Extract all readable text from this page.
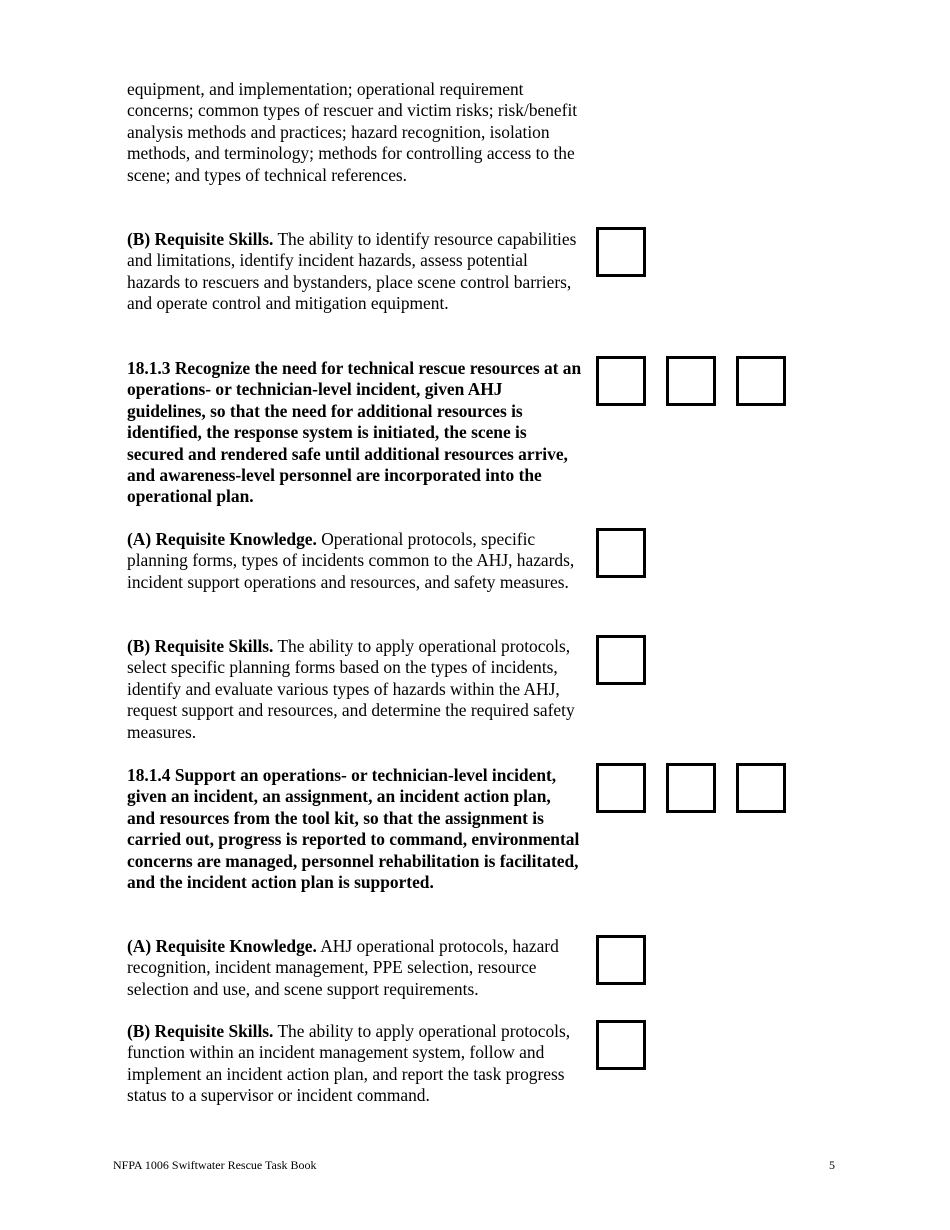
equipment, and implementation; operational requirement concerns; common types of rescuer and victim risks; risk/benefit analysis methods and practices; hazard recognition, isolation methods, and terminology; methods for controlling access to the scene; and types of technical references.

(B) Requisite Skills. The ability to identify resource capabilities and limitations, identify incident hazards, assess potential hazards to rescuers and bystanders, place scene control barriers, and operate control and mitigation equipment.

18.1.3 Recognize the need for technical rescue resources at an operations- or technician-level incident, given AHJ guidelines, so that the need for additional resources is identified, the response system is initiated, the scene is secured and rendered safe until additional resources arrive, and awareness-level personnel are incorporated into the operational plan.

(A) Requisite Knowledge. Operational protocols, specific planning forms, types of incidents common to the AHJ, hazards, incident support operations and resources, and safety measures.

(B) Requisite Skills. The ability to apply operational protocols, select specific planning forms based on the types of incidents, identify and evaluate various types of hazards within the AHJ, request support and resources, and determine the required safety measures.

18.1.4 Support an operations- or technician-level incident, given an incident, an assignment, an incident action plan, and resources from the tool kit, so that the assignment is carried out, progress is reported to command, environmental concerns are managed, personnel rehabilitation is facilitated, and the incident action plan is supported.

(A) Requisite Knowledge. AHJ operational protocols, hazard recognition, incident management, PPE selection, resource selection and use, and scene support requirements.

(B) Requisite Skills. The ability to apply operational protocols, function within an incident management system, follow and implement an incident action plan, and report the task progress status to a supervisor or incident command.

NFPA 1006 Swiftwater Rescue Task Book	5
